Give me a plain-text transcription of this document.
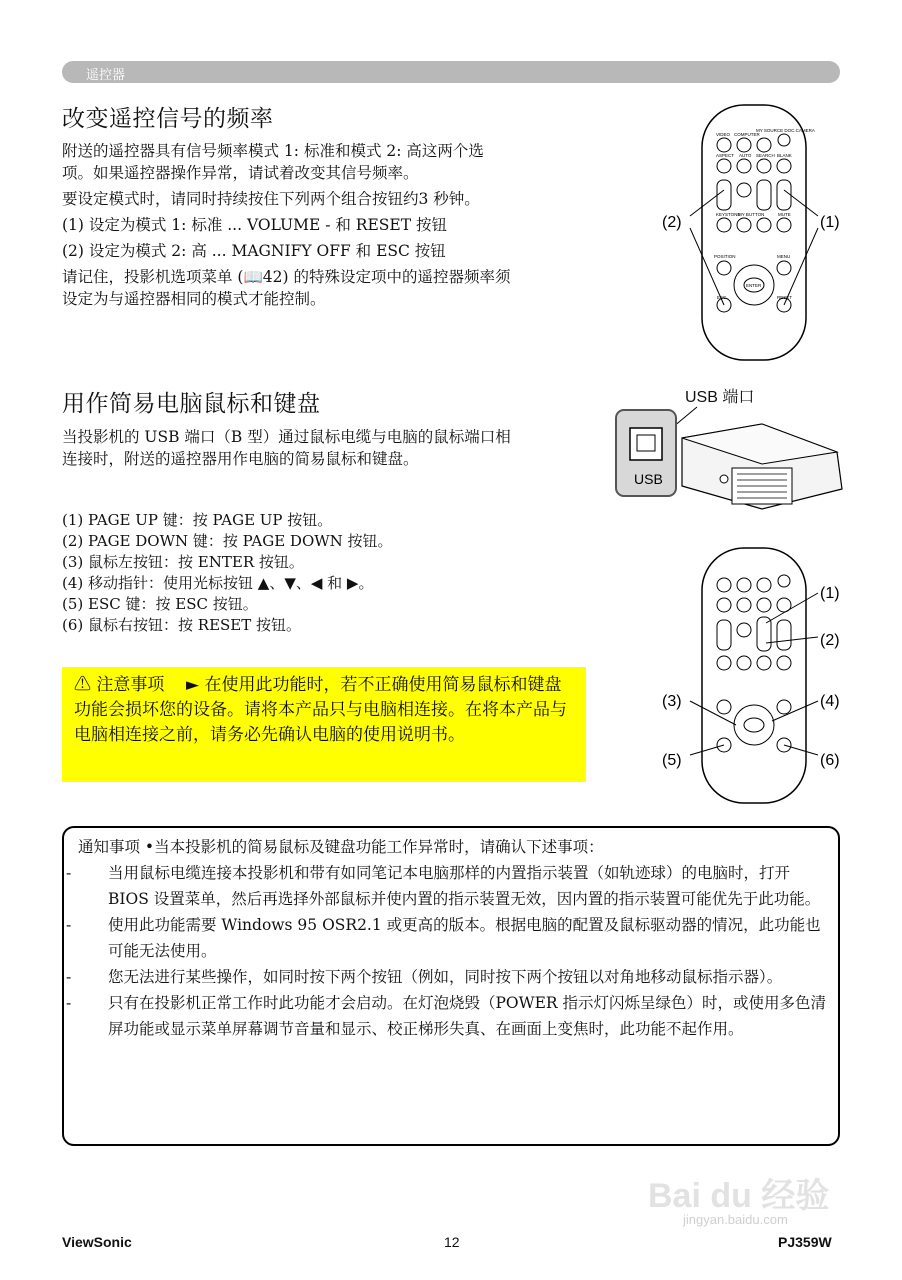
遥控器
改变遥控信号的频率
附送的遥控器具有信号频率模式 1: 标准和模式 2: 高这两个选项。如果遥控器操作异常，请试着改变其信号频率。
要设定模式时，请同时持续按住下列两个组合按钮约3 秒钟。
(1) 设定为模式 1: 标准 ... VOLUME - 和 RESET 按钮
(2) 设定为模式 2: 高 ... MAGNIFY OFF 和 ESC 按钮
请记住，投影机选项菜单 (📖42) 的特殊设定项中的遥控器频率须设定为与遥控器相同的模式才能控制。
用作简易电脑鼠标和键盘
当投影机的 USB 端口（B 型）通过鼠标电缆与电脑的鼠标端口相连接时，附送的遥控器用作电脑的简易鼠标和键盘。
(1) PAGE UP 键：按 PAGE UP 按钮。
(2) PAGE DOWN 键：按 PAGE DOWN 按钮。
(3) 鼠标左按钮：按 ENTER 按钮。
(4) 移动指针：使用光标按钮 ▲、▼、◀ 和 ▶。
(5) ESC 键：按 ESC 按钮。
(6) 鼠标右按钮：按 RESET 按钮。
⚠ 注意事项 ► 在使用此功能时，若不正确使用简易鼠标和键盘功能会损坏您的设备。请将本产品只与电脑相连接。在将本产品与电脑相连接之前，请务必先确认电脑的使用说明书。
通知事项 •当本投影机的简易鼠标及键盘功能工作异常时，请确认下述事项：
- 当用鼠标电缆连接本投影机和带有如同笔记本电脑那样的内置指示装置（如轨迹球）的电脑时，打开 BIOS 设置菜单，然后再选择外部鼠标并使内置的指示装置无效，因内置的指示装置可能优先于此功能。
- 使用此功能需要 Windows 95 OSR2.1 或更高的版本。根据电脑的配置及鼠标驱动器的情况，此功能也可能无法使用。
- 您无法进行某些操作，如同时按下两个按钮（例如，同时按下两个按钮以对角地移动鼠标指示器）。
- 只有在投影机正常工作时此功能才会启动。在灯泡烧毁（POWER 指示灯闪烁呈绿色）时，或使用多色清屏功能或显示菜单屏幕调节音量和显示、校正梯形失真、在画面上变焦时，此功能不起作用。
VIDEO COMPUTER
MY SOURCE DOC.CAMERA
ASPECT AUTO SEARCH BLANK
KEYSTONE
MY BUTTON	MUTE
POSITION	MENU
ENTER
ESC	RESET
(2)	(1)
USB 端口
USB
(1)
(2)
(3)	(4)
(5)	(6)
Bai du 经验
jingyan.baidu.com
ViewSonic	12	PJ359W
